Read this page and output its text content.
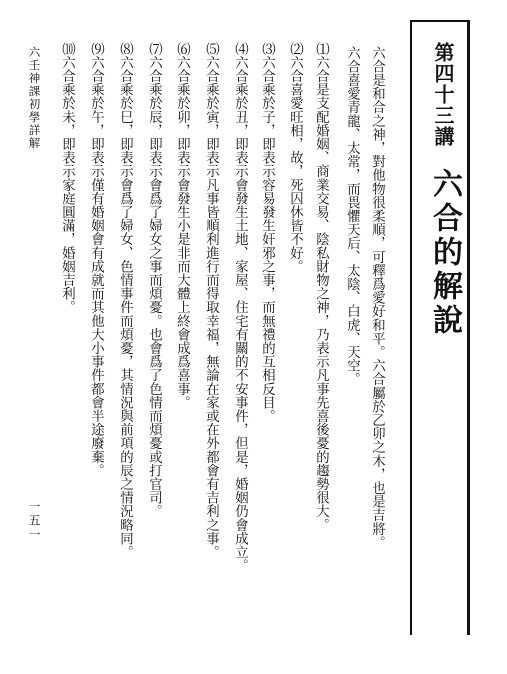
第四十三講
六合的解說
六合是和合之神，對他物很柔順，可釋爲愛好和平。六合屬於乙卯之木，也是吉將。
六合喜愛青龍、太常，而畏懼天后、太陰、白虎、天空。
⑴六合是支配婚姻、商業交易、陰私財物之神，乃表示凡事先喜後憂的趨勢很大。
⑵六合喜愛旺相，故，死囚休皆不好。
⑶六合乘於子，即表示容易發生奸邪之事，而無禮的互相反目。
⑷六合乘於丑，即表示會發生土地、家屋、住宅有關的不安事件，但是，婚姻仍會成立。
⑸六合乘於寅，即表示凡事皆順利進行而得取幸福，無論在家或在外都會有吉利之事。
⑹六合乘於卯，即表示會發生小是非而大體上終會成爲喜事。
⑺六合乘於辰，即表示會爲了婦女之事而煩憂。也會爲了色情而煩憂或打官司。
⑻六合乘於巳，即表示會爲了婦女、色情事件而煩憂，其情況與前項的辰之情況略同。
⑼六合乘於午，即表示僅有婚姻會有成就而其他大小事件都會半途廢棄。
⑽六合乘於未，即表示家庭圓滿，婚姻吉利。
六壬神課初學詳解
一五一
